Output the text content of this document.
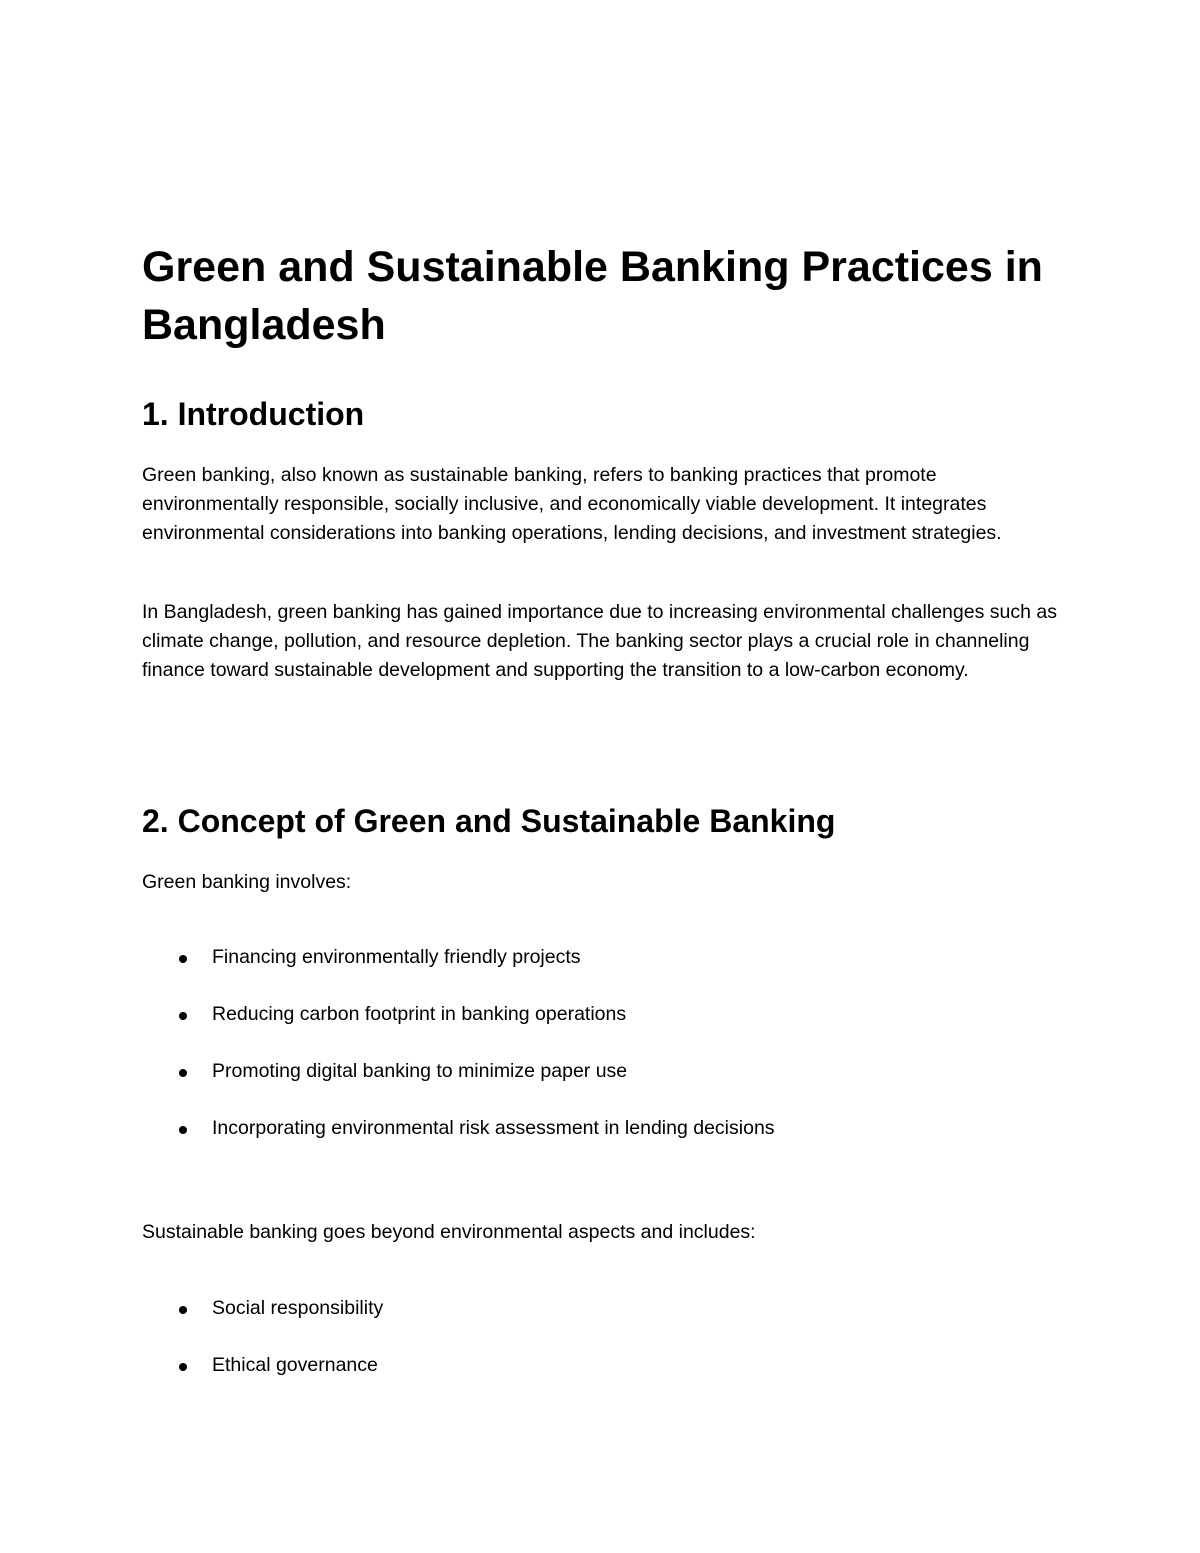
Green and Sustainable Banking Practices in Bangladesh
1. Introduction

Green banking, also known as sustainable banking, refers to banking practices that promote environmentally responsible, socially inclusive, and economically viable development. It integrates environmental considerations into banking operations, lending decisions, and investment strategies.

In Bangladesh, green banking has gained importance due to increasing environmental challenges such as climate change, pollution, and resource depletion. The banking sector plays a crucial role in channeling finance toward sustainable development and supporting the transition to a low-carbon economy.

2. Concept of Green and Sustainable Banking

Green banking involves:

Financing environmentally friendly projects
Reducing carbon footprint in banking operations
Promoting digital banking to minimize paper use
Incorporating environmental risk assessment in lending decisions

Sustainable banking goes beyond environmental aspects and includes:

Social responsibility
Ethical governance
